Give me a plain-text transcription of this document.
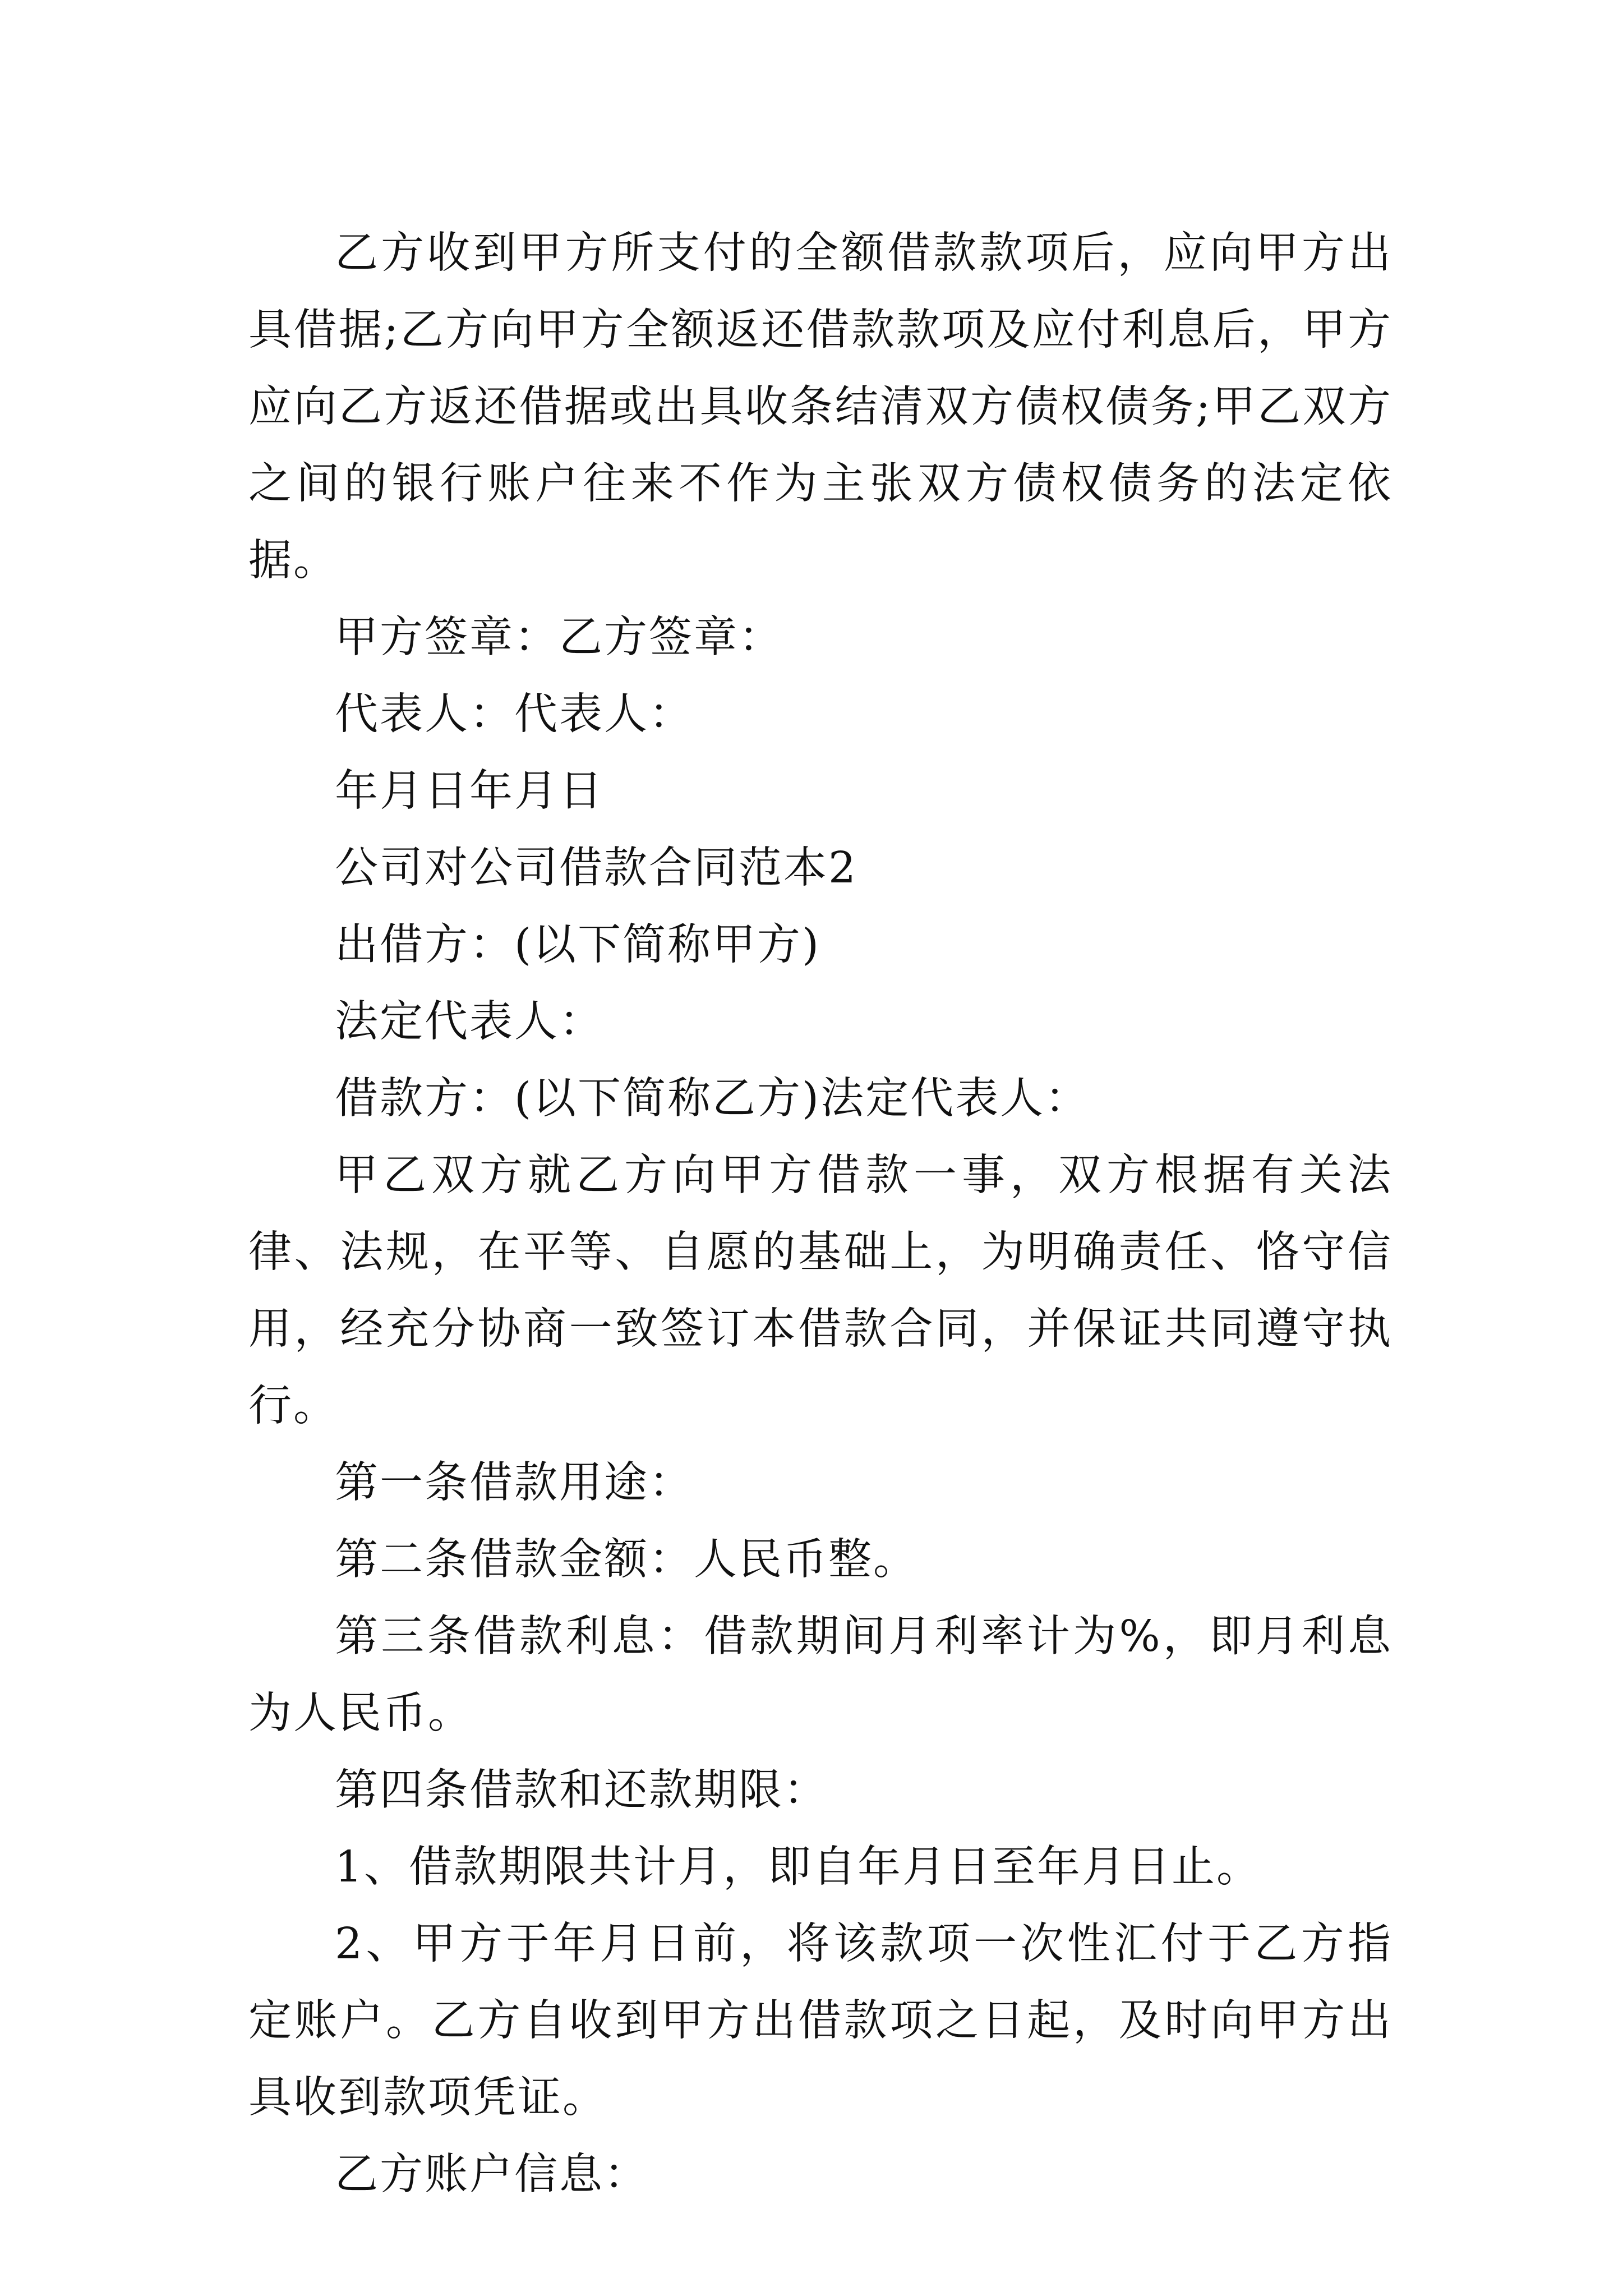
乙方收到甲方所支付的全额借款款项后，应向甲方出具借据;乙方向甲方全额返还借款款项及应付利息后，甲方应向乙方返还借据或出具收条结清双方债权债务;甲乙双方之间的银行账户往来不作为主张双方债权债务的法定依据。

甲方签章：乙方签章：

代表人：代表人：

年月日年月日

公司对公司借款合同范本2

出借方：(以下简称甲方)

法定代表人：

借款方：(以下简称乙方)法定代表人：

甲乙双方就乙方向甲方借款一事，双方根据有关法律、法规，在平等、自愿的基础上，为明确责任、恪守信用，经充分协商一致签订本借款合同，并保证共同遵守执行。

第一条借款用途：

第二条借款金额：人民币整。

第三条借款利息：借款期间月利率计为%，即月利息为人民币。

第四条借款和还款期限：

1、借款期限共计月，即自年月日至年月日止。

2、甲方于年月日前，将该款项一次性汇付于乙方指定账户。乙方自收到甲方出借款项之日起，及时向甲方出具收到款项凭证。

乙方账户信息：
